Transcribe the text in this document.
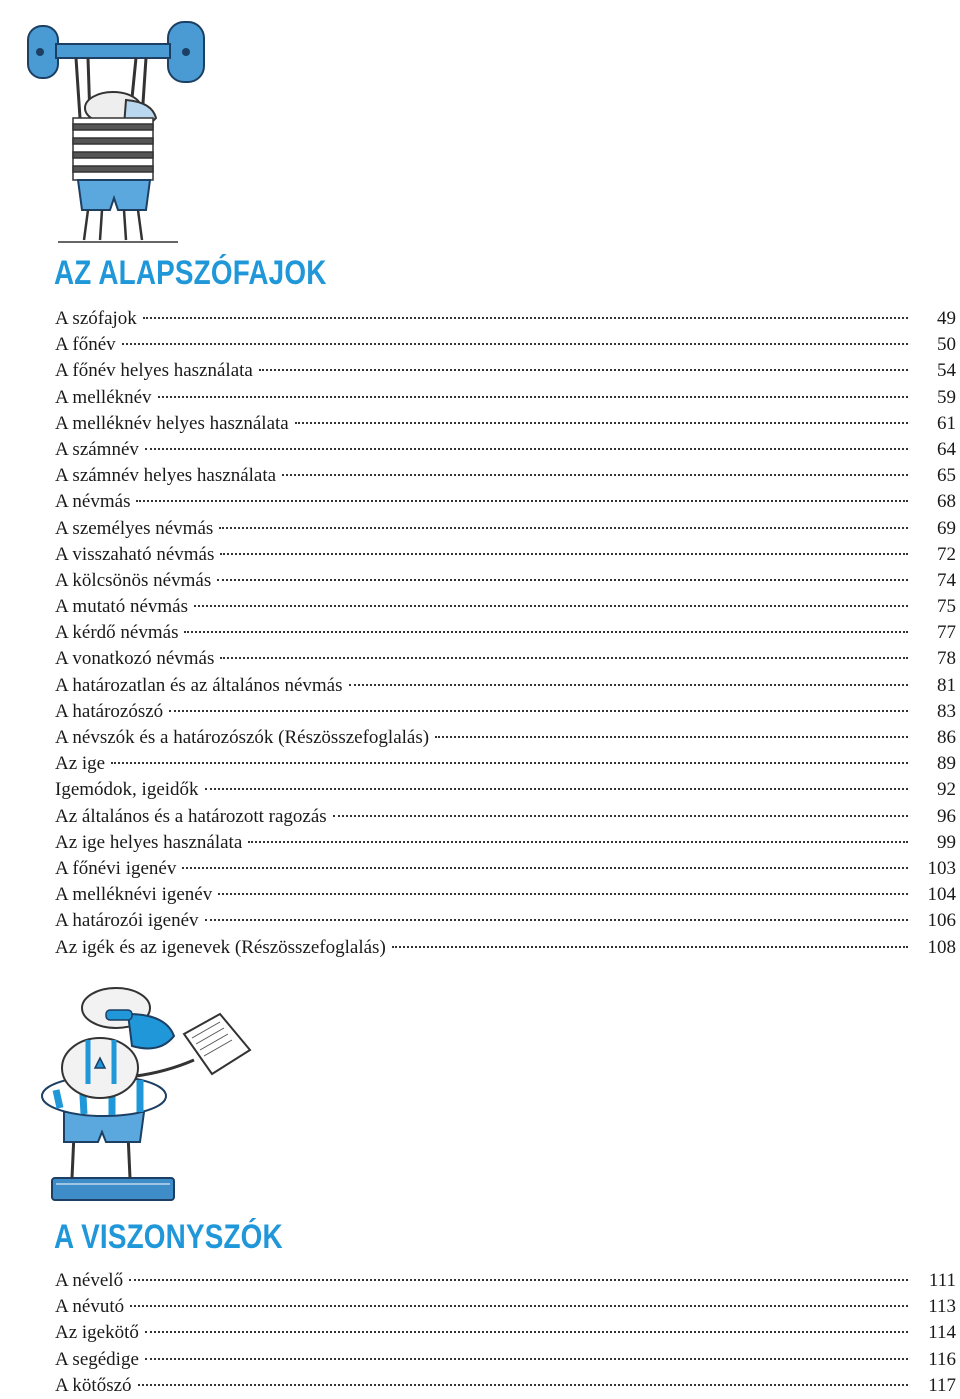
AZ ALAPSZÓFAJOK
A szófajok	49
A főnév	50
A főnév helyes használata	54
A melléknév	59
A melléknév helyes használata	61
A számnév	64
A számnév helyes használata	65
A névmás	68
A személyes névmás	69
A visszaható névmás	72
A kölcsönös névmás	74
A mutató névmás	75
A kérdő névmás	77
A vonatkozó névmás	78
A határozatlan és az általános névmás	81
A határozószó	83
A névszók és a határozószók (Részösszefoglalás)	86
Az ige	89
Igemódok, igeidők	92
Az általános és a határozott ragozás	96
Az ige helyes használata	99
A főnévi igenév	103
A melléknévi igenév	104
A határozói igenév	106
Az igék és az igenevek (Részösszefoglalás)	108
A VISZONYSZÓK
A névelő	111
A névutó	113
Az igekötő	114
A segédige	116
A kötőszó	117
